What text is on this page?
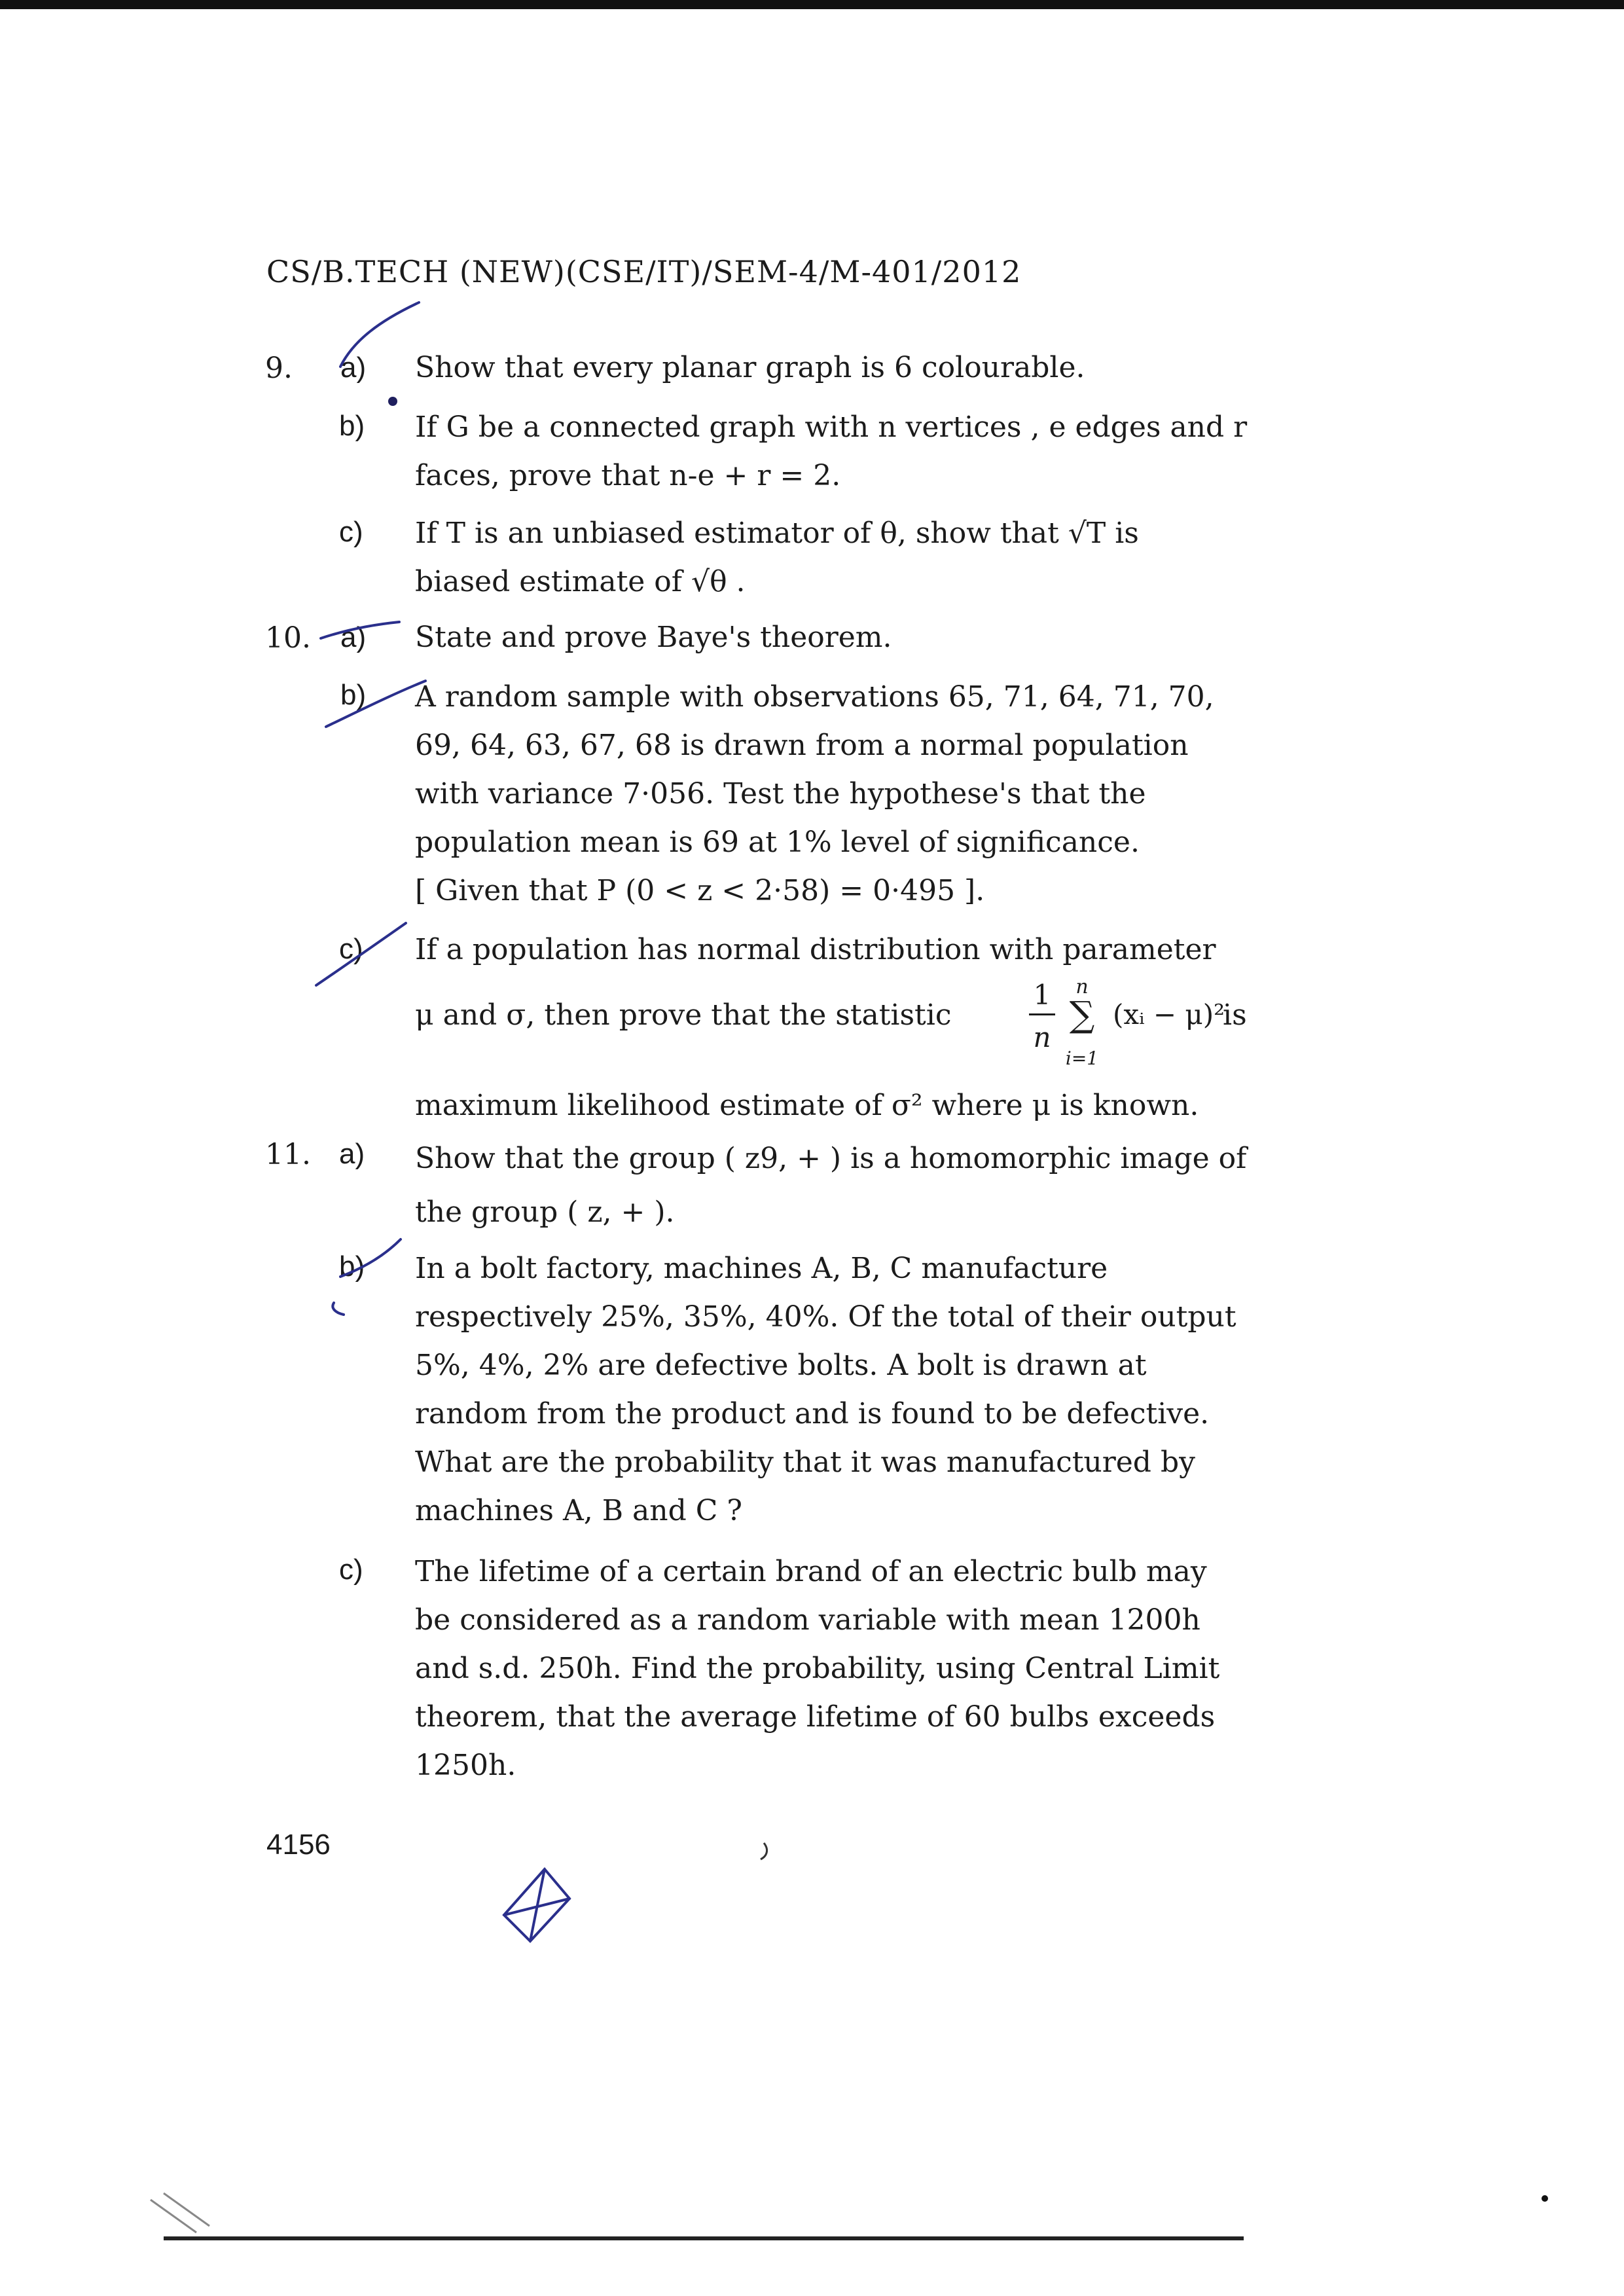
CS/B.TECH (NEW)(CSE/IT)/SEM-4/M-401/2012
9. a) Show that every planar graph is 6 colourable.
b) If G be a connected graph with n vertices , e edges and r
faces, prove that n-e + r = 2.
c) If T is an unbiased estimator of θ, show that √T is
biased estimate of √θ .
10. a) State and prove Baye's theorem.
b) A random sample with observations 65, 71, 64, 71, 70,
69, 64, 63, 67, 68 is drawn from a normal population
with variance 7·056. Test the hypothese's that the
population mean is 69 at 1% level of significance.
[ Given that P (0 < z < 2·58) = 0·495 ].
c) If a population has normal distribution with parameter
μ and σ, then prove that the statistic
1
n
n
∑
i=1
(xᵢ − μ)²
is
maximum likelihood estimate of σ² where μ is known.
11. a) Show that the group ( z9, + ) is a homomorphic image of
the group ( z, + ).
b) In a bolt factory, machines A, B, C manufacture
respectively 25%, 35%, 40%. Of the total of their output
5%, 4%, 2% are defective bolts. A bolt is drawn at
random from the product and is found to be defective.
What are the probability that it was manufactured by
machines A, B and C ?
c) The lifetime of a certain brand of an electric bulb may
be considered as a random variable with mean 1200h
and s.d. 250h. Find the probability, using Central Limit
theorem, that the average lifetime of 60 bulbs exceeds
1250h.
4156
